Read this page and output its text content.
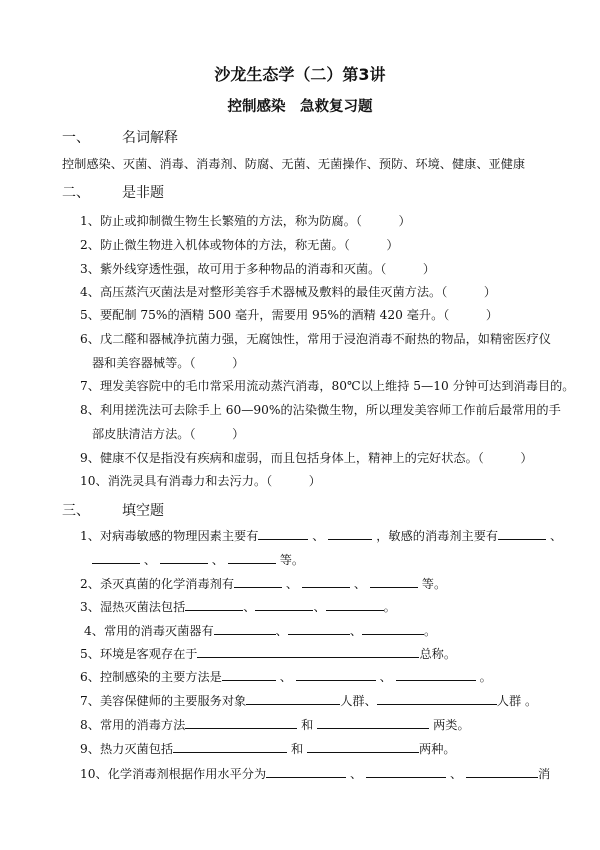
沙龙生态学（二）第3讲
控制感染　急救复习题
一、 名词解释
控制感染、灭菌、消毒、消毒剂、防腐、无菌、无菌操作、预防、环境、健康、亚健康
二、 是非题
1、防止或抑制微生物生长繁殖的方法，称为防腐。（　　　）
2、防止微生物进入机体或物体的方法，称无菌。（　　　）
3、紫外线穿透性强，故可用于多种物品的消毒和灭菌。（　　　）
4、高压蒸汽灭菌法是对整形美容手术器械及敷料的最佳灭菌方法。（　　　）
5、要配制 75%的酒精 500 毫升，需要用 95%的酒精 420 毫升。（　　　）
6、戊二醛和器械净抗菌力强，无腐蚀性，常用于浸泡消毒不耐热的物品，如精密医疗仪
器和美容器械等。（　　　）
7、理发美容院中的毛巾常采用流动蒸汽消毒，80℃以上维持 5—10 分钟可达到消毒目的。
8、利用搓洗法可去除手上 60—90%的沾染微生物，所以理发美容师工作前后最常用的手
部皮肤清洁方法。（　　　）
9、健康不仅是指没有疾病和虚弱，而且包括身体上，精神上的完好状态。（　　　）
10、消洗灵具有消毒力和去污力。（　　　）
三、 填空题
1、对病毒敏感的物理因素主要有	、	，敏感的消毒剂主要有	、
、	、	等。
2、杀灭真菌的化学消毒剂有	、	、	等。
3、湿热灭菌法包括	、	、	。
4、常用的消毒灭菌器有	、	、	。
5、环境是客观存在于	总称。
6、控制感染的主要方法是	、	、	。
7、美容保健师的主要服务对象	人群、	人群 。
8、常用的消毒方法	和	两类。
9、热力灭菌包括	和	两种。
10、化学消毒剂根据作用水平分为	、	、	消
